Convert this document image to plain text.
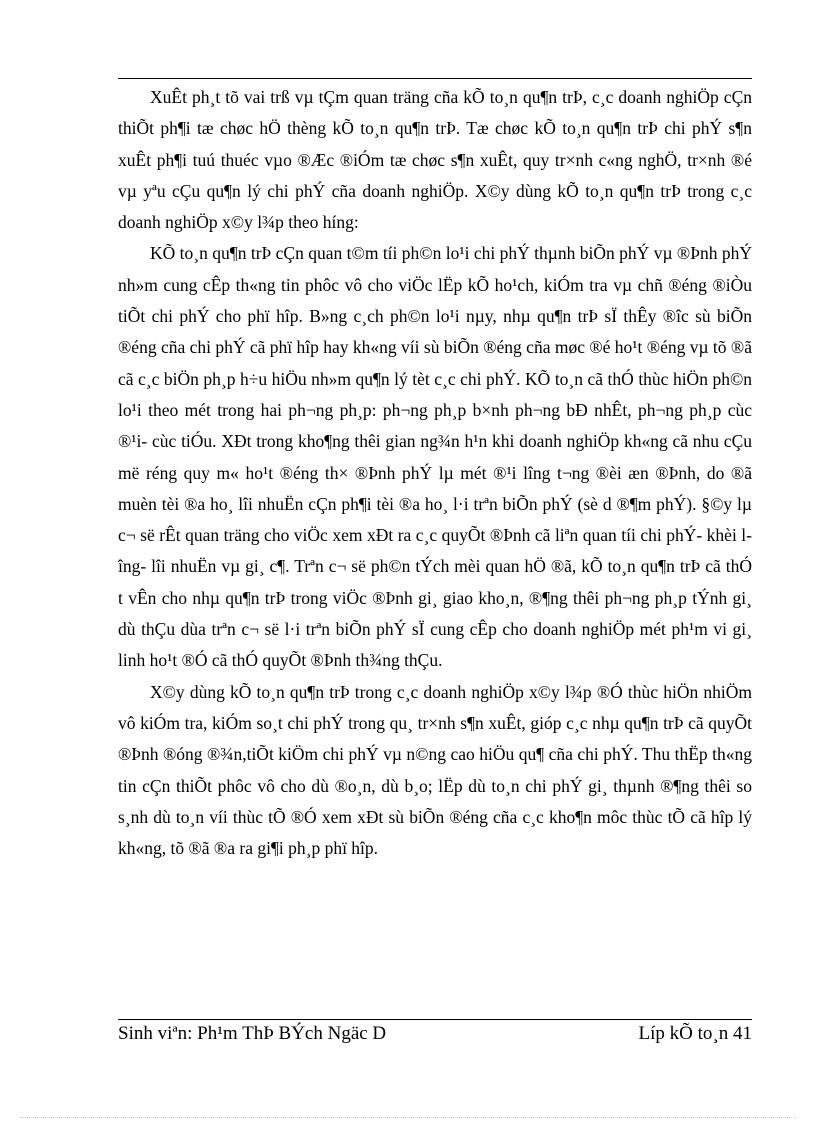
XuÊt ph¸t tõ vai trß vµ tÇm quan träng cña kÕ to¸n qu¶n trÞ, c¸c doanh nghiÖp cÇn thiÕt ph¶i tæ chøc hÖ thèng kÕ to¸n qu¶n trÞ. Tæ chøc kÕ to¸n qu¶n trÞ chi phÝ s¶n xuÊt ph¶i tuú thuéc vµo ®Æc ®iÓm tæ chøc s¶n xuÊt, quy tr×nh c«ng nghÖ, tr×nh ®é vµ yªu cÇu qu¶n lý chi phÝ cña doanh nghiÖp. X©y dùng kÕ to¸n qu¶n trÞ trong c¸c doanh nghiÖp x©y l¾p theo híng:

KÕ to¸n qu¶n trÞ cÇn quan t©m tíi ph©n lo¹i chi phÝ thµnh biÕn phÝ vµ ®Þnh phÝ nh»m cung cÊp th«ng tin phôc vô cho viÖc lËp kÕ ho¹ch, kiÓm tra vµ chñ ®éng ®iÒu tiÕt chi phÝ cho phï hîp. B»ng c¸ch ph©n lo¹i nµy, nhµ qu¶n trÞ sÏ thÊy ®îc sù biÕn ®éng cña chi phÝ cã phï hîp hay kh«ng víi sù biÕn ®éng cña møc ®é ho¹t ®éng vµ tõ ®ã cã c¸c biÖn ph¸p h÷u hiÖu nh»m qu¶n lý tèt c¸c chi phÝ. KÕ to¸n cã thÓ thùc hiÖn ph©n lo¹i theo mét trong hai ph¬ng ph¸p: ph¬ng ph¸p b×nh ph¬ng bÐ nhÊt, ph¬ng ph¸p cùc ®¹i- cùc tiÓu. XÐt trong kho¶ng thêi gian ng¾n h¹n khi doanh nghiÖp kh«ng cã nhu cÇu më réng quy m« ho¹t ®éng th× ®Þnh phÝ lµ mét ®¹i lîng t¬ng ®èi æn ®Þnh, do ®ã muèn tèi ®a ho¸ lîi nhuËn cÇn ph¶i tèi ®a ho¸ l·i trªn biÕn phÝ (sè d ®¶m phÝ). §©y lµ c¬ së rÊt quan träng cho viÖc xem xÐt ra c¸c quyÕt ®Þnh cã liªn quan tíi chi phÝ- khèi lîng- lîi nhuËn vµ gi¸ c¶. Trªn c¬ së ph©n tÝch mèi quan hÖ ®ã, kÕ to¸n qu¶n trÞ cã thÓ t vÊn cho nhµ qu¶n trÞ trong viÖc ®Þnh gi¸ giao kho¸n, ®¶ng thêi ph¬ng ph¸p tÝnh gi¸ dù thÇu dùa trªn c¬ së l·i trªn biÕn phÝ sÏ cung cÊp cho doanh nghiÖp mét ph¹m vi gi¸ linh ho¹t ®Ó cã thÓ quyÕt ®Þnh th¾ng thÇu.

X©y dùng kÕ to¸n qu¶n trÞ trong c¸c doanh nghiÖp x©y l¾p ®Ó thùc hiÖn nhiÖm vô kiÓm tra, kiÓm so¸t chi phÝ trong qu¸ tr×nh s¶n xuÊt, gióp c¸c nhµ qu¶n trÞ cã quyÕt ®Þnh ®óng ®¾n,tiÕt kiÖm chi phÝ vµ n©ng cao hiÖu qu¶ cña chi phÝ. Thu thËp th«ng tin cÇn thiÕt phôc vô cho dù ®o¸n, dù b¸o; lËp dù to¸n chi phÝ gi¸ thµnh ®¶ng thêi so s¸nh dù to¸n víi thùc tÕ ®Ó xem xÐt sù biÕn ®éng cña c¸c kho¶n môc thùc tÕ cã hîp lý kh«ng, tõ ®ã ®a ra gi¶i ph¸p phï hîp.

Sinh viªn: Ph¹m ThÞ BÝch Ngäc D	Líp kÕ to¸n 41
